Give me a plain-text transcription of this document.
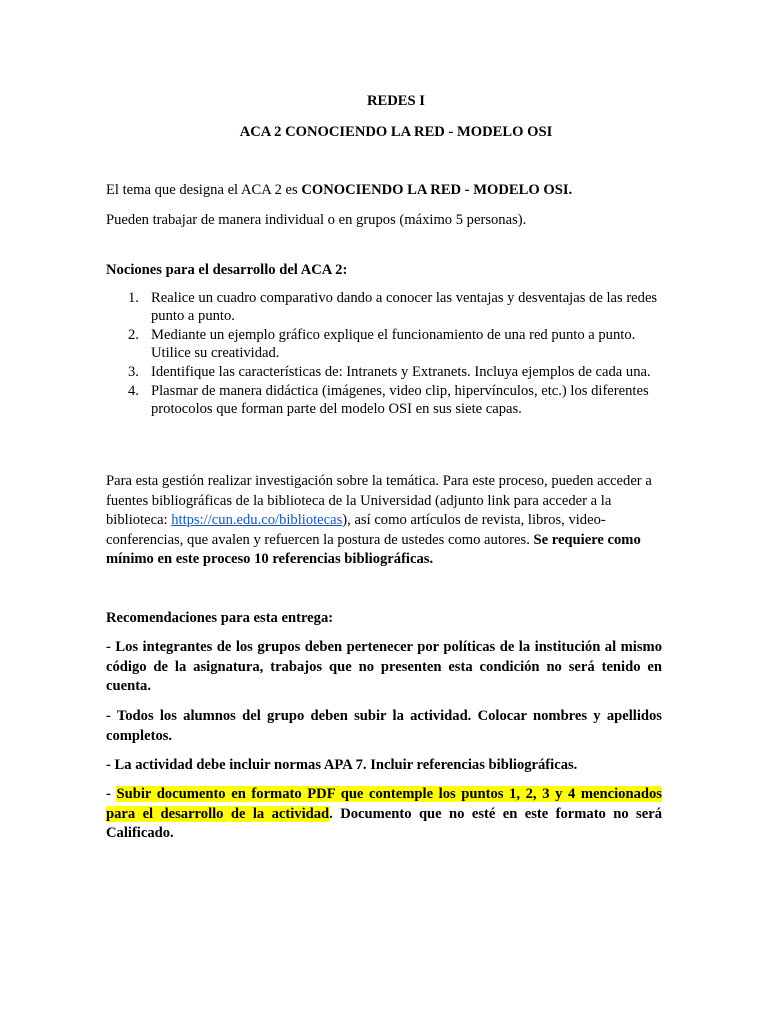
REDES I
ACA 2 CONOCIENDO LA RED - MODELO OSI
El tema que designa el ACA 2 es CONOCIENDO LA RED - MODELO OSI.
Pueden trabajar de manera individual o en grupos (máximo 5 personas).
Nociones para el desarrollo del ACA 2:
1. Realice un cuadro comparativo dando a conocer las ventajas y desventajas de las redes punto a punto.
2. Mediante un ejemplo gráfico explique el funcionamiento de una red punto a punto. Utilice su creatividad.
3. Identifique las características de: Intranets y Extranets. Incluya ejemplos de cada una.
4. Plasmar de manera didáctica (imágenes, video clip, hipervínculos, etc.) los diferentes protocolos que forman parte del modelo OSI en sus siete capas.
Para esta gestión realizar investigación sobre la temática. Para este proceso, pueden acceder a fuentes bibliográficas de la biblioteca de la Universidad (adjunto link para acceder a la biblioteca: https://cun.edu.co/bibliotecas), así como artículos de revista, libros, video-conferencias, que avalen y refuercen la postura de ustedes como autores. Se requiere como mínimo en este proceso 10 referencias bibliográficas.
Recomendaciones para esta entrega:
- Los integrantes de los grupos deben pertenecer por políticas de la institución al mismo código de la asignatura, trabajos que no presenten esta condición no será tenido en cuenta.
- Todos los alumnos del grupo deben subir la actividad. Colocar nombres y apellidos completos.
- La actividad debe incluir normas APA 7. Incluir referencias bibliográficas.
- Subir documento en formato PDF que contemple los puntos 1, 2, 3 y 4 mencionados para el desarrollo de la actividad. Documento que no esté en este formato no será Calificado.
